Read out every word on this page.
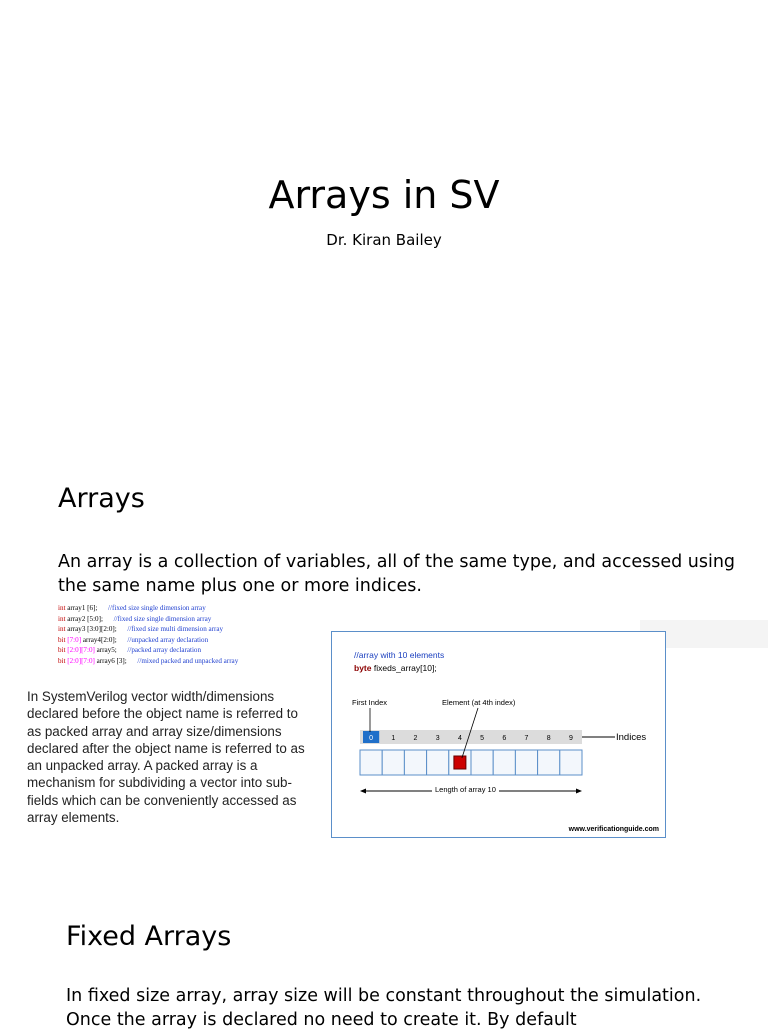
Arrays in SV
Dr. Kiran Bailey
Arrays
An array is a collection of variables, all of the same type, and accessed using the same name plus one or more indices.
int array1 [6];      //fixed size single dimension array
int array2 [5:0];      //fixed size single dimension array
int array3 [3:0][2:0];      //fixed size multi dimension array
bit [7:0] array4[2:0];      //unpacked array declaration
bit [2:0][7:0] array5;      //packed array declaration
bit [2:0][7:0] array6 [3];      //mixed packed and unpacked array
In SystemVerilog vector width/dimensions declared before the object name is referred to as packed array and array size/dimensions declared after the object name is referred to as an unpacked array. A packed array is a mechanism for subdividing a vector into sub-fields which can be conveniently accessed as array elements.
0	1	2	3	4	5	6	7	8	9
//array with 10 elements
byte fixeds_array[10];
First Index	Element (at 4th index)
Indices
Length of array 10
www.verificationguide.com
Fixed Arrays
In fixed size array, array size will be constant throughout the simulation. Once the array is declared no need to create it. By default
